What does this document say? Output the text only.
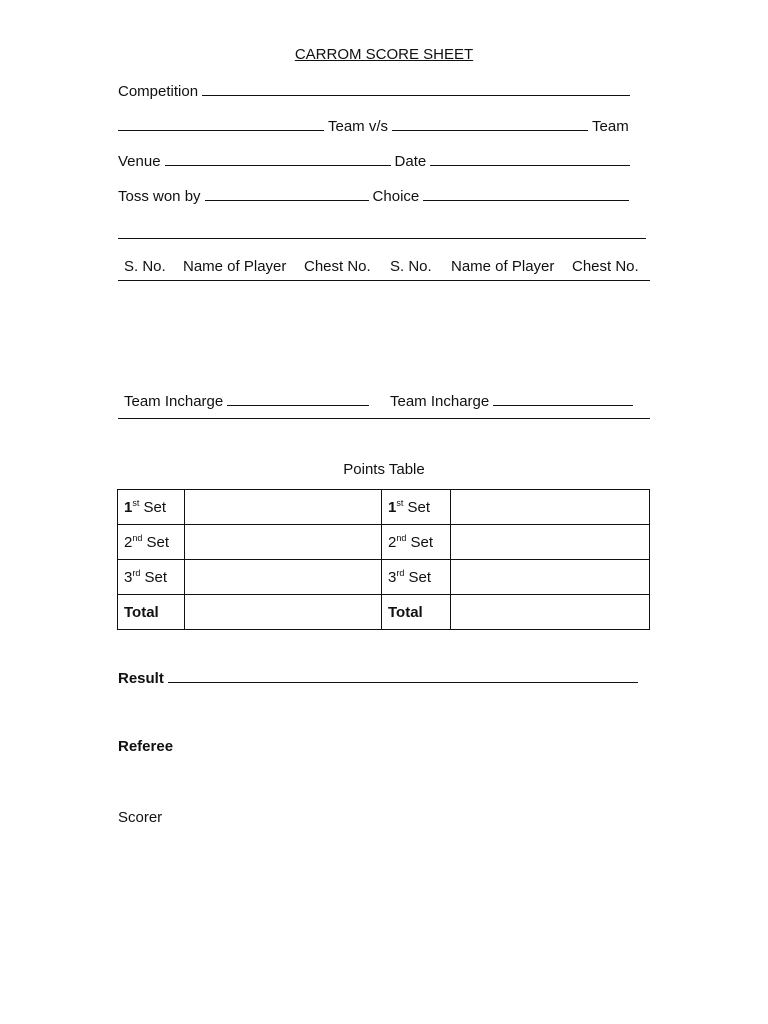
CARROM SCORE SHEET
Competition
Team v/s	Team
Venue	Date
Toss won by	Choice
S. No. Name of Player Chest No. S. No. Name of Player Chest No.
Team Incharge	Team Incharge
Points Table
1st Set		1st Set	
2nd Set		2nd Set	
3rd Set		3rd Set	
Total		Total	
Result
Referee
Scorer
